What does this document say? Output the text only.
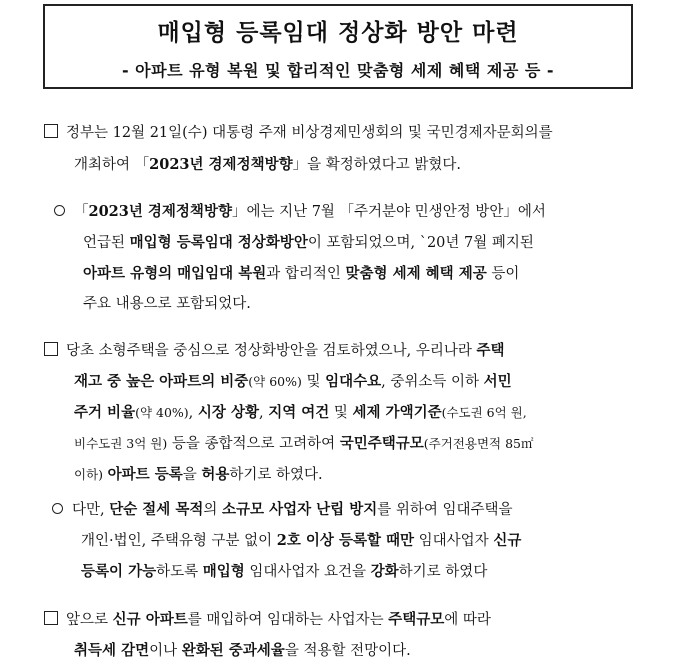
매입형 등록임대 정상화 방안 마련
- 아파트 유형 복원 및 합리적인 맞춤형 세제 혜택 제공 등 -
정부는 12월 21일(수) 대통령 주재 비상경제민생회의 및 국민경제자문회의를
개최하여 「2023년 경제정책방향」을 확정하였다고 밝혔다.
「2023년 경제정책방향」에는 지난 7월 「주거분야 민생안정 방안」에서
언급된 매입형 등록임대 정상화방안이 포함되었으며, `20년 7월 폐지된
아파트 유형의 매입임대 복원과 합리적인 맞춤형 세제 혜택 제공 등이
주요 내용으로 포함되었다.
당초 소형주택을 중심으로 정상화방안을 검토하였으나, 우리나라 주택
재고 중 높은 아파트의 비중(약 60%) 및 임대수요, 중위소득 이하 서민
주거 비율(약 40%), 시장 상황, 지역 여건 및 세제 가액기준(수도권 6억 원,
비수도권 3억 원) 등을 종합적으로 고려하여 국민주택규모(주거전용면적 85㎡
이하) 아파트 등록을 허용하기로 하였다.
다만, 단순 절세 목적의 소규모 사업자 난립 방지를 위하여 임대주택을
개인·법인, 주택유형 구분 없이 2호 이상 등록할 때만 임대사업자 신규
등록이 가능하도록 매입형 임대사업자 요건을 강화하기로 하였다
앞으로 신규 아파트를 매입하여 임대하는 사업자는 주택규모에 따라
취득세 감면이나 완화된 중과세율을 적용할 전망이다.
